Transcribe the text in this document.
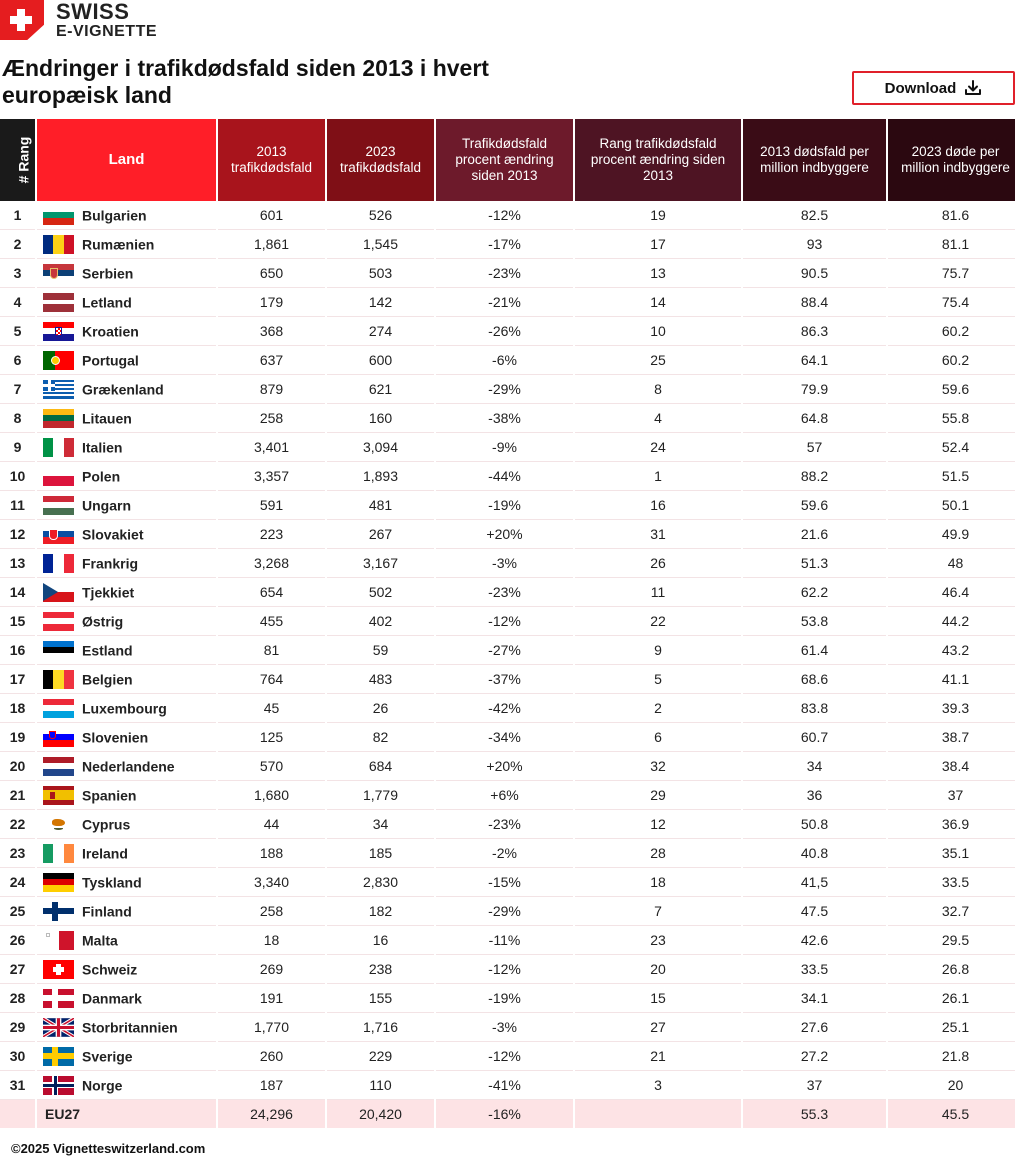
SWISS
E-VIGNETTE
Ændringer i trafikdødsfald siden 2013 i hvert europæisk land	Download
# Rang	Land	2013 trafikdødsfald	2023 trafikdødsfald	Trafikdødsfald procent ændring siden 2013	Rang trafikdødsfald procent ændring siden 2013	2013 dødsfald per million indbyggere	2023 døde per million indbyggere
1	Bulgarien	601	526	-12%	19	82.5	81.6
2	Rumænien	1,861	1,545	-17%	17	93	81.1
3	Serbien	650	503	-23%	13	90.5	75.7
4	Letland	179	142	-21%	14	88.4	75.4
5	Kroatien	368	274	-26%	10	86.3	60.2
6	Portugal	637	600	-6%	25	64.1	60.2
7	Grækenland	879	621	-29%	8	79.9	59.6
8	Litauen	258	160	-38%	4	64.8	55.8
9	Italien	3,401	3,094	-9%	24	57	52.4
10	Polen	3,357	1,893	-44%	1	88.2	51.5
11	Ungarn	591	481	-19%	16	59.6	50.1
12	Slovakiet	223	267	+20%	31	21.6	49.9
13	Frankrig	3,268	3,167	-3%	26	51.3	48
14	Tjekkiet	654	502	-23%	11	62.2	46.4
15	Østrig	455	402	-12%	22	53.8	44.2
16	Estland	81	59	-27%	9	61.4	43.2
17	Belgien	764	483	-37%	5	68.6	41.1
18	Luxembourg	45	26	-42%	2	83.8	39.3
19	Slovenien	125	82	-34%	6	60.7	38.7
20	Nederlandene	570	684	+20%	32	34	38.4
21	Spanien	1,680	1,779	+6%	29	36	37
22	Cyprus	44	34	-23%	12	50.8	36.9
23	Ireland	188	185	-2%	28	40.8	35.1
24	Tyskland	3,340	2,830	-15%	18	41,5	33.5
25	Finland	258	182	-29%	7	47.5	32.7
26	Malta	18	16	-11%	23	42.6	29.5
27	Schweiz	269	238	-12%	20	33.5	26.8
28	Danmark	191	155	-19%	15	34.1	26.1
29	Storbritannien	1,770	1,716	-3%	27	27.6	25.1
30	Sverige	260	229	-12%	21	27.2	21.8
31	Norge	187	110	-41%	3	37	20
	EU27	24,296	20,420	-16%		55.3	45.5
©2025 Vignetteswitzerland.com
